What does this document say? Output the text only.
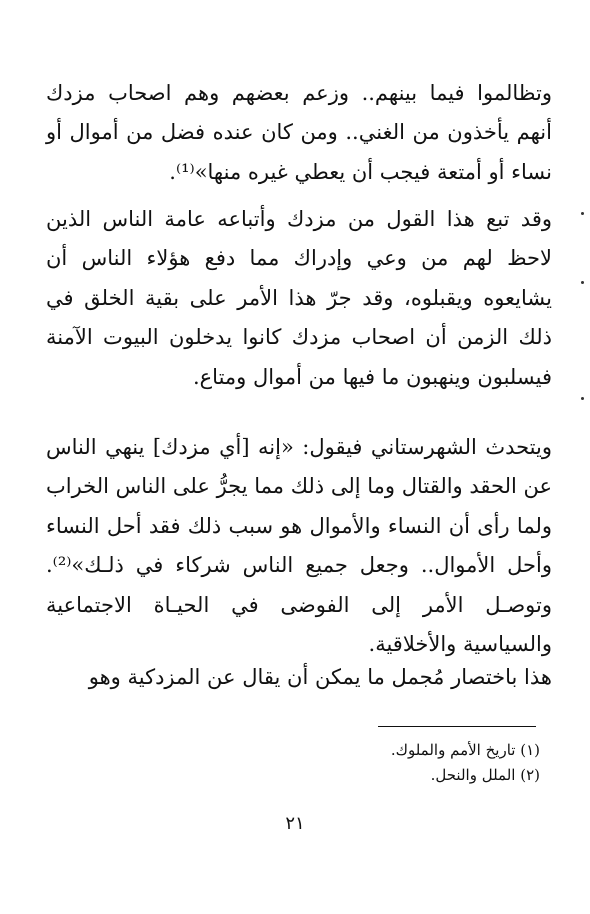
وتظالموا فيما بينهم.. وزعم بعضهم وهم اصحاب مزدك أنهم يأخذون من الغني.. ومن كان عنده فضل من أموال أو نساء أو أمتعة فيجب أن يعطي غيره منها»⁽¹⁾.

وقد تبع هذا القول من مزدك وأتباعه عامة الناس الذين لاحظ لهم من وعي وإدراك مما دفع هؤلاء الناس أن يشايعوه ويقبلوه، وقد جرّ هذا الأمر على بقية الخلق في ذلك الزمن أن اصحاب مزدك كانوا يدخلون البيوت الآمنة فيسلبون وينهبون ما فيها من أموال ومتاع.

ويتحدث الشهرستاني فيقول: «إنه [أي مزدك] ينهي الناس عن الحقد والقتال وما إلى ذلك مما يجرُّ على الناس الخراب ولما رأى أن النساء والأموال هو سبب ذلك فقد أحل النساء وأحل الأموال.. وجعل جميع الناس شركاء في ذلـك»⁽²⁾. وتوصـل الأمر إلى الفوضى في الحيـاة الاجتماعية والسياسية والأخلاقية.

هذا باختصار مُجمل ما يمكن أن يقال عن المزدكية وهو

(١) تاريخ الأمم والملوك.
(٢) الملل والنحل.
٢١
